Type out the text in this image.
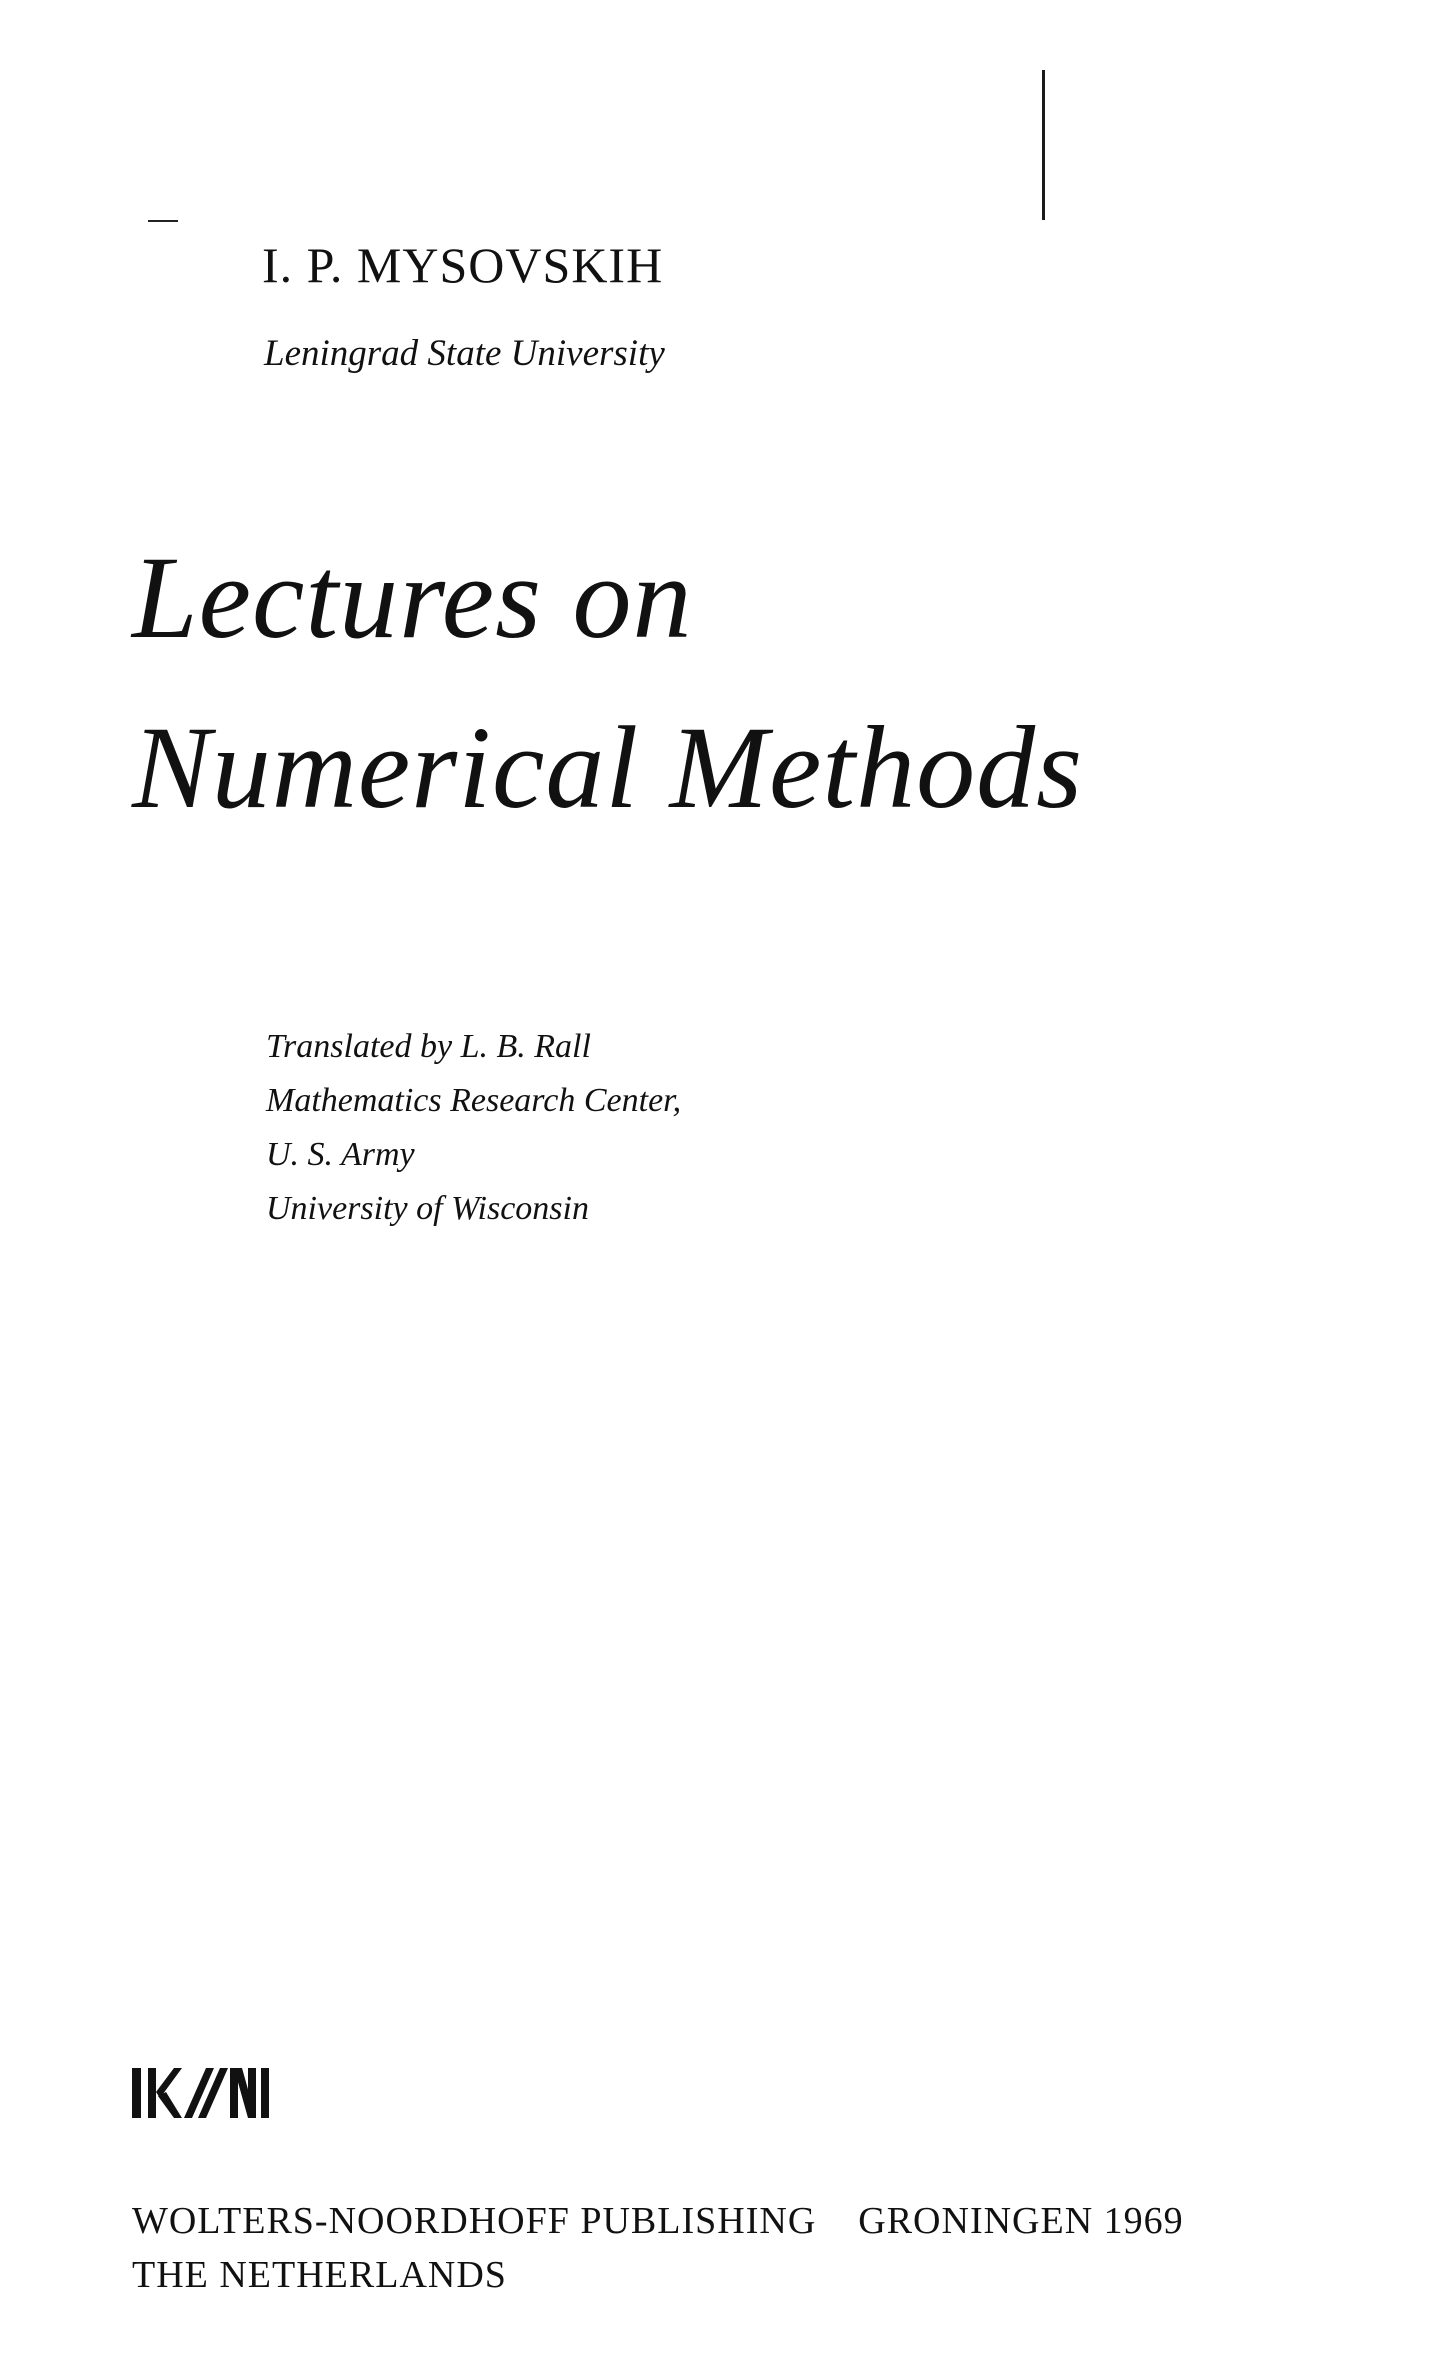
I. P. MYSOVSKIH
Leningrad State University
Lectures on
Numerical Methods
Translated by L. B. Rall
Mathematics Research Center,
U. S. Army
University of Wisconsin
WOLTERS-NOORDHOFF PUBLISHING GRONINGEN 1969
THE NETHERLANDS
